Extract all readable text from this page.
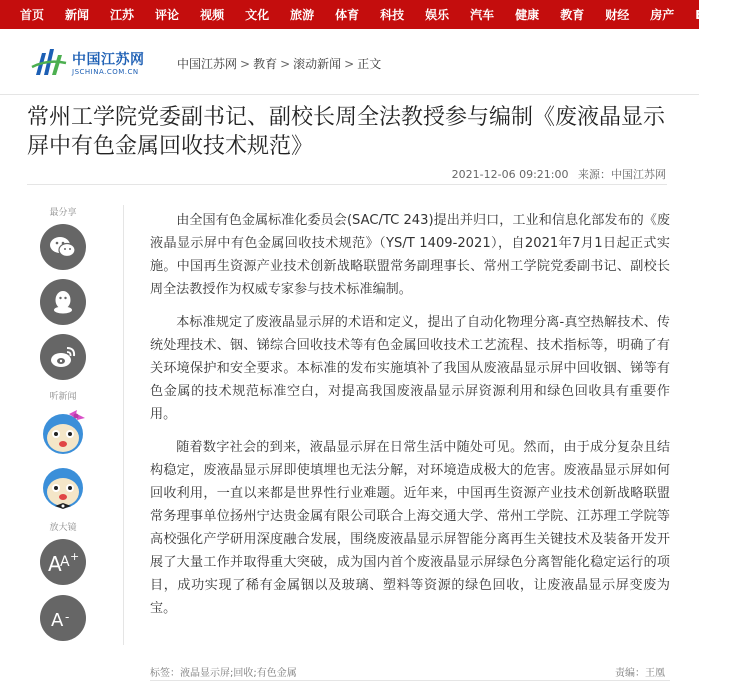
首页 新闻 江苏 评论 视频 文化 旅游 体育 科技 娱乐 汽车 健康 教育 财经 房产 ENGLISH
中国江苏网
JSCHINA.COM.CN
中国江苏网 > 教育 > 滚动新闻 > 正文
常州工学院党委副书记、副校长周全法教授参与编制《废液晶显示屏中有色金属回收技术规范》
2021-12-06 09:21:00 来源：中国江苏网
最分享
听新闻
放大镜
A
A +
A -

由全国有色金属标准化委员会(SAC/TC 243)提出并归口，工业和信息化部发布的《废液晶显示屏中有色金属回收技术规范》（YS/T 1409-2021），自2021年7月1日起正式实施。中国再生资源产业技术创新战略联盟常务副理事长、常州工学院党委副书记、副校长周全法教授作为权威专家参与技术标准编制。

本标准规定了废液晶显示屏的术语和定义，提出了自动化物理分离-真空热解技术、传统处理技术、铟、锑综合回收技术等有色金属回收技术工艺流程、技术指标等，明确了有关环境保护和安全要求。本标准的发布实施填补了我国从废液晶显示屏中回收铟、锑等有色金属的技术规范标准空白，对提高我国废液晶显示屏资源利用和绿色回收具有重要作用。

随着数字社会的到来，液晶显示屏在日常生活中随处可见。然而，由于成分复杂且结构稳定，废液晶显示屏即使填埋也无法分解，对环境造成极大的危害。废液晶显示屏如何回收利用，一直以来都是世界性行业难题。近年来，中国再生资源产业技术创新战略联盟常务理事单位扬州宁达贵金属有限公司联合上海交通大学、常州工学院、江苏理工学院等高校强化产学研用深度融合发展，围绕废液晶显示屏智能分离再生关键技术及装备开发开展了大量工作并取得重大突破，成为国内首个废液晶显示屏绿色分离智能化稳定运行的项目，成功实现了稀有金属铟以及玻璃、塑料等资源的绿色回收，让废液晶显示屏变废为宝。

标签：液晶显示屏;回收;有色金属	责编：王凰
